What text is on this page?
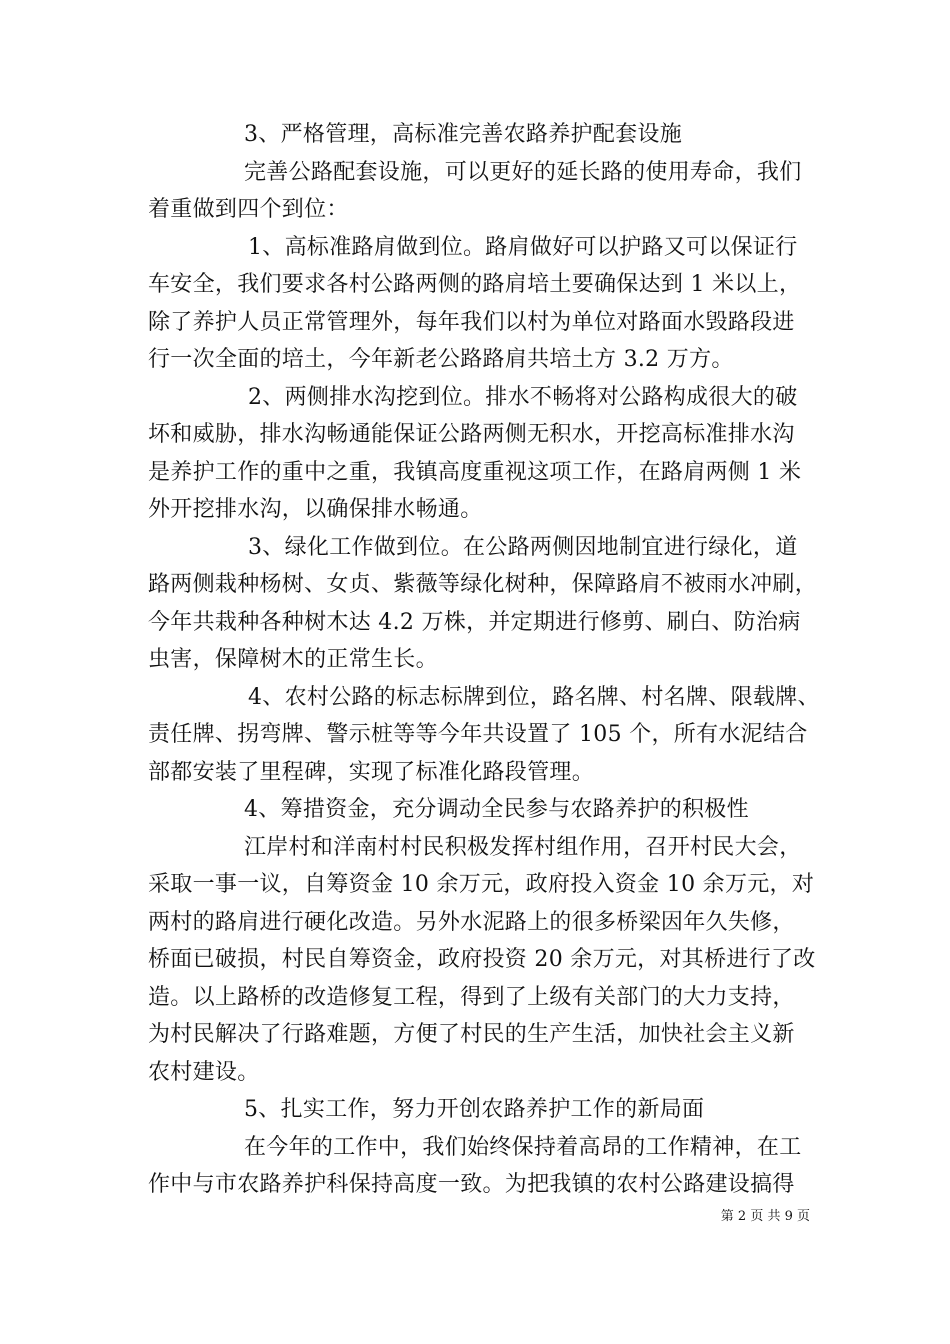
3、严格管理，高标准完善农路养护配套设施
完善公路配套设施，可以更好的延长路的使用寿命，我们
着重做到四个到位：
1、高标准路肩做到位。路肩做好可以护路又可以保证行
车安全，我们要求各村公路两侧的路肩培土要确保达到 1 米以上，
除了养护人员正常管理外，每年我们以村为单位对路面水毁路段进
行一次全面的培土，今年新老公路路肩共培土方 3.2 万方。
2、两侧排水沟挖到位。排水不畅将对公路构成很大的破
坏和威胁，排水沟畅通能保证公路两侧无积水，开挖高标准排水沟
是养护工作的重中之重，我镇高度重视这项工作，在路肩两侧 1 米
外开挖排水沟，以确保排水畅通。
3、绿化工作做到位。在公路两侧因地制宜进行绿化，道
路两侧栽种杨树、女贞、紫薇等绿化树种，保障路肩不被雨水冲刷，
今年共栽种各种树木达 4.2 万株，并定期进行修剪、刷白、防治病
虫害，保障树木的正常生长。
4、农村公路的标志标牌到位，路名牌、村名牌、限载牌、
责任牌、拐弯牌、警示桩等等今年共设置了 105 个，所有水泥结合
部都安装了里程碑，实现了标准化路段管理。
4、筹措资金，充分调动全民参与农路养护的积极性
江岸村和洋南村村民积极发挥村组作用，召开村民大会，
采取一事一议，自筹资金 10 余万元，政府投入资金 10 余万元，对
两村的路肩进行硬化改造。另外水泥路上的很多桥梁因年久失修，
桥面已破损，村民自筹资金，政府投资 20 余万元，对其桥进行了改
造。以上路桥的改造修复工程，得到了上级有关部门的大力支持，
为村民解决了行路难题，方便了村民的生产生活，加快社会主义新
农村建设。
5、扎实工作，努力开创农路养护工作的新局面
在今年的工作中，我们始终保持着高昂的工作精神，在工
作中与市农路养护科保持高度一致。为把我镇的农村公路建设搞得
第 2 页 共 9 页
